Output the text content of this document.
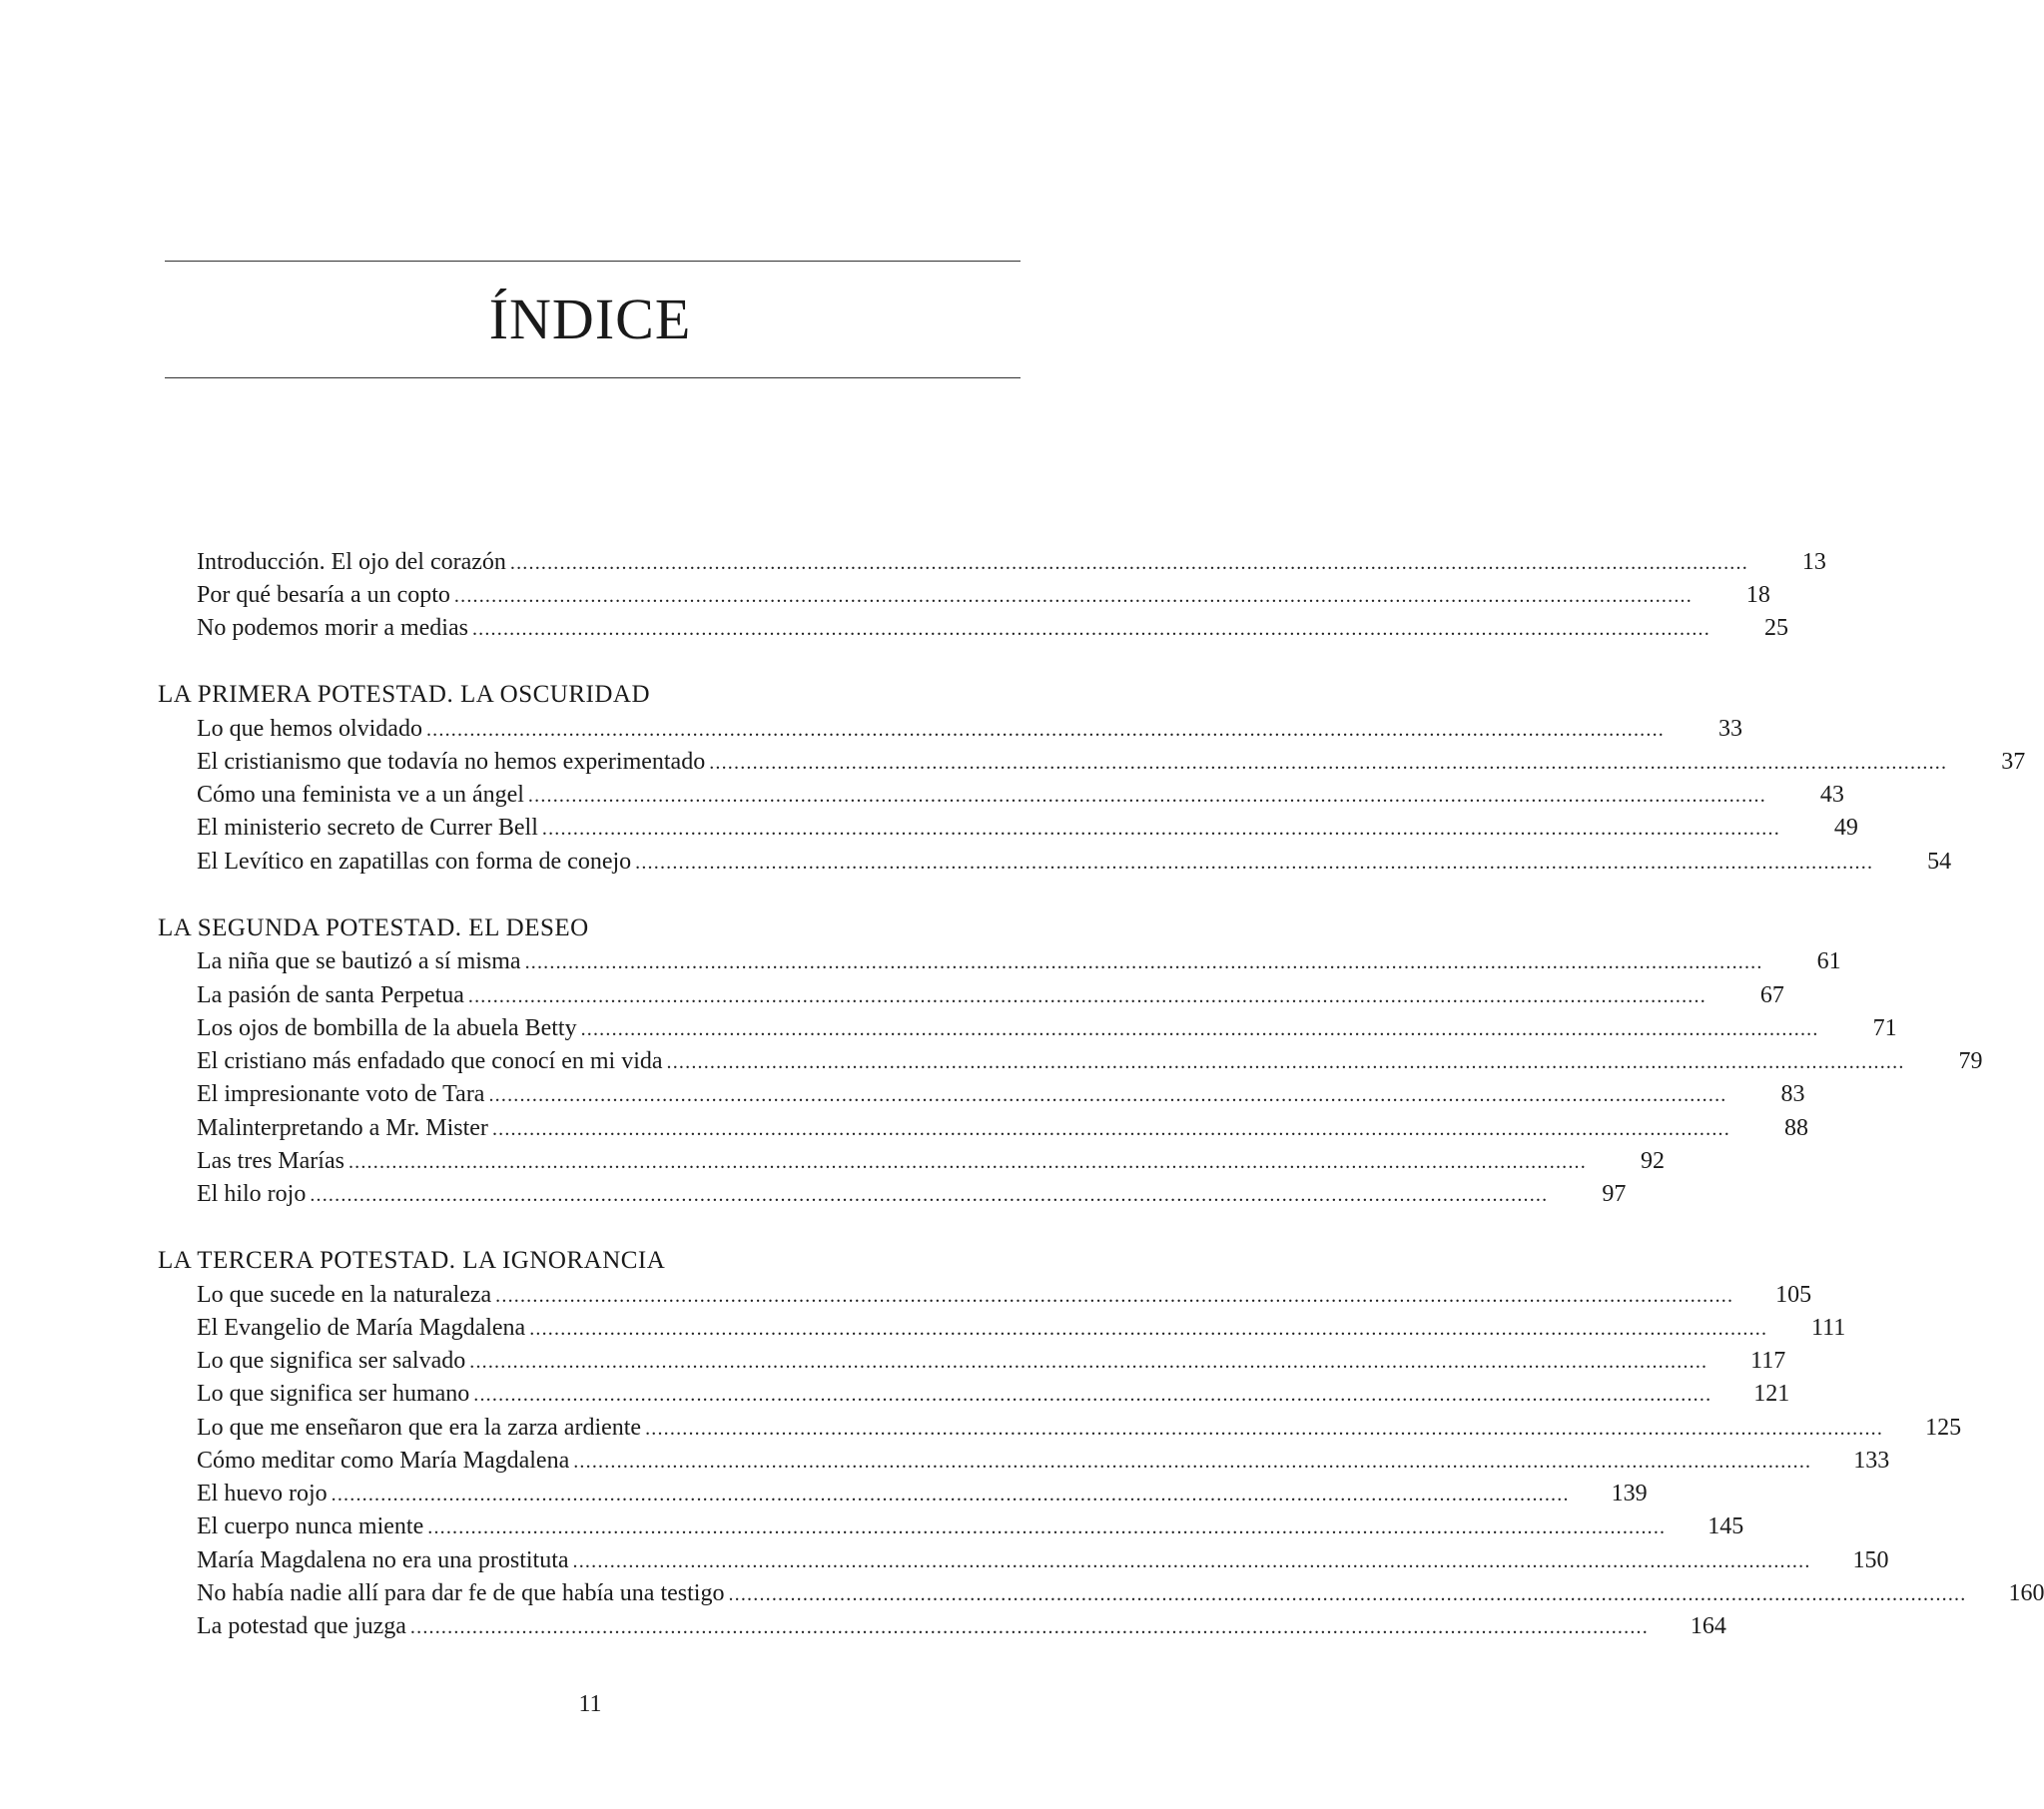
ÍNDICE
Introducción. El ojo del corazón ........................................................................................................................................................................................................	13
Por qué besaría a un copto ........................................................................................................................................................................................................	18
No podemos morir a medias ........................................................................................................................................................................................................	25
LA PRIMERA POTESTAD. LA OSCURIDAD
Lo que hemos olvidado ........................................................................................................................................................................................................	33
El cristianismo que todavía no hemos experimentado ........................................................................................................................................................................................................	37
Cómo una feminista ve a un ángel ........................................................................................................................................................................................................	43
El ministerio secreto de Currer Bell ........................................................................................................................................................................................................	49
El Levítico en zapatillas con forma de conejo ........................................................................................................................................................................................................	54
LA SEGUNDA POTESTAD. EL DESEO
La niña que se bautizó a sí misma ........................................................................................................................................................................................................	61
La pasión de santa Perpetua ........................................................................................................................................................................................................	67
Los ojos de bombilla de la abuela Betty ........................................................................................................................................................................................................	71
El cristiano más enfadado que conocí en mi vida ........................................................................................................................................................................................................	79
El impresionante voto de Tara ........................................................................................................................................................................................................	83
Malinterpretando a Mr. Mister ........................................................................................................................................................................................................	88
Las tres Marías ........................................................................................................................................................................................................	92
El hilo rojo ........................................................................................................................................................................................................	97
LA TERCERA POTESTAD. LA IGNORANCIA
Lo que sucede en la naturaleza ........................................................................................................................................................................................................	105
El Evangelio de María Magdalena ........................................................................................................................................................................................................	111
Lo que significa ser salvado ........................................................................................................................................................................................................	117
Lo que significa ser humano ........................................................................................................................................................................................................	121
Lo que me enseñaron que era la zarza ardiente ........................................................................................................................................................................................................	125
Cómo meditar como María Magdalena ........................................................................................................................................................................................................	133
El huevo rojo ........................................................................................................................................................................................................	139
El cuerpo nunca miente ........................................................................................................................................................................................................	145
María Magdalena no era una prostituta ........................................................................................................................................................................................................	150
No había nadie allí para dar fe de que había una testigo ........................................................................................................................................................................................................	160
La potestad que juzga ........................................................................................................................................................................................................	164
11
